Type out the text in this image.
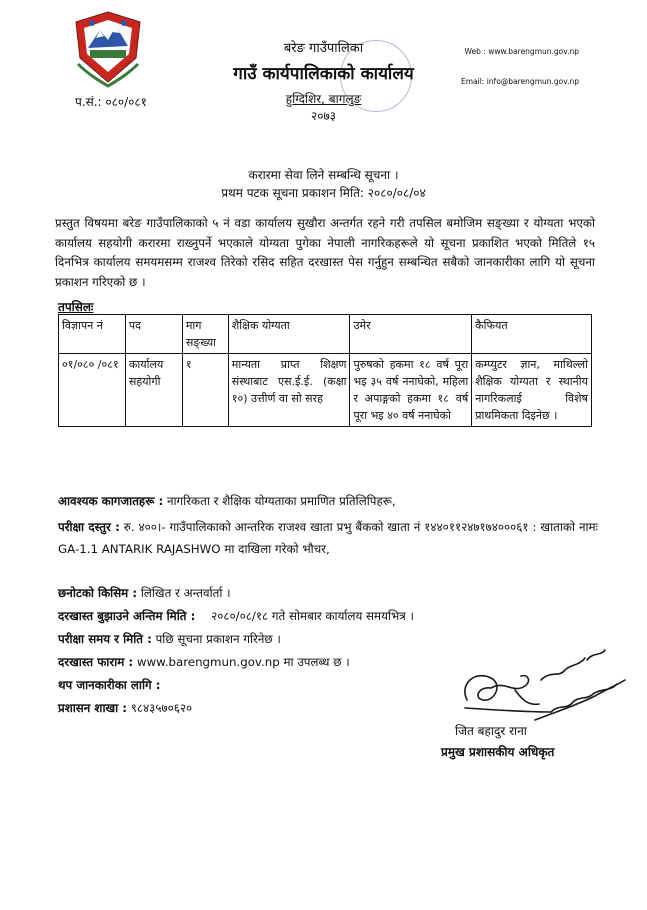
प.सं.: ०८०/०८१
बरेङ गाउँपालिका
गाउँ कार्यपालिकाको कार्यालय
हुग्दिशिर, बागलुङ
२०७३
Web : www.barengmun.gov.np
Email: info@barengmun.gov.np
करारमा सेवा लिने सम्बन्धि सूचना ।
प्रथम पटक सूचना प्रकाशन मिति: २०८०/०८/०४
प्रस्तुत विषयमा बरेङ गाउँपालिकाको ५ नं वडा कार्यालय सुखौरा अन्तर्गत रहने गरी तपसिल बमोजिम सङ्ख्या र योग्यता भएको कार्यालय सहयोगी करारमा राख्नुपर्ने भएकाले योग्यता पुगेका नेपाली नागरिकहरूले यो सूचना प्रकाशित भएको मितिले १५ दिनभित्र कार्यालय समयमसम्म राजश्व तिरेको रसिद सहित दरखास्त पेस गर्नुहुन सम्बन्धित सबैको जानकारीका लागि यो सूचना प्रकाशन गरिएको छ ।
तपसिलः
विज्ञापन नं	पद	माग सङ्ख्या	शैक्षिक योग्यता	उमेर	कैफियत
०१/०८० /०८१	कार्यालय सहयोगी	१	मान्यता प्राप्त शिक्षण संस्थाबाट एस.ई.ई. (कक्षा १०) उत्तीर्ण वा सो सरह	पुरुषको हकमा १८ वर्ष पूरा भइ ३५ वर्ष ननाघेको, महिला र अपाङ्गको हकमा १८ वर्ष पूरा भइ ४० वर्ष ननाघेको	कम्प्युटर ज्ञान, माथिल्लो शैक्षिक योग्यता र स्थानीय नागरिकलाई विशेष प्राथमिकता दिइनेछ ।
आवश्यक कागजातहरू : नागरिकता र शैक्षिक योग्यताका प्रमाणित प्रतिलिपिहरू,
परीक्षा दस्तुर : रु. ४००।- गाउँपालिकाको आन्तरिक राजश्व खाता प्रभु बैंकको खाता नं १४४०११२४७१७४०००६१ : खाताको नामः GA-1.1 ANTARIK RAJASHWO मा दाखिला गरेको भौचर,
छनोटको किसिम : लिखित र अन्तर्वार्ता ।
दरखास्त बुझाउने अन्तिम मिति : २०८०/०८/१८ गते सोमबार कार्यालय समयभित्र ।
परीक्षा समय र मिति : पछि सूचना प्रकाशन गरिनेछ ।
दरखास्त फाराम : www.barengmun.gov.np मा उपलब्ध छ ।
थप जानकारीका लागि :
प्रशासन शाखा : ९८४३५७०६२०
जित बहादुर राना
प्रमुख प्रशासकीय अधिकृत
